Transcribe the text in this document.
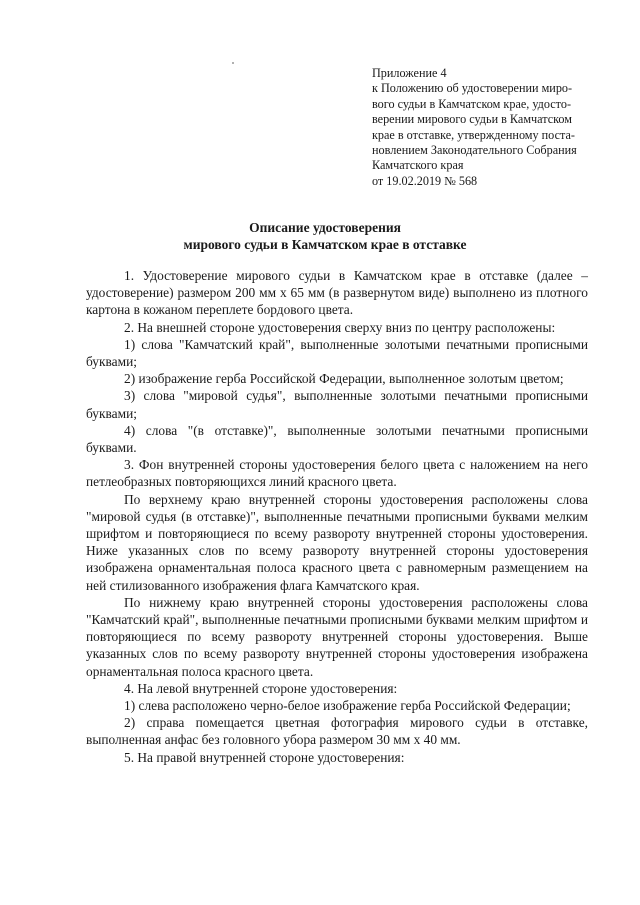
Приложение 4
к Положению об удостоверении миро-
вого судьи в Камчатском крае, удосто-
верении мирового судьи в Камчатском
крае в отставке, утвержденному поста-
новлением Законодательного Собрания
Камчатского края
от 19.02.2019 № 568
Описание удостоверения
мирового судьи в Камчатском крае в отставке

1. Удостоверение мирового судьи в Камчатском крае в отставке (далее – удостоверение) размером 200 мм x 65 мм (в развернутом виде) выполнено из плотного картона в кожаном переплете бордового цвета.

2. На внешней стороне удостоверения сверху вниз по центру расположены:

1) слова "Камчатский край", выполненные золотыми печатными прописными буквами;

2) изображение герба Российской Федерации, выполненное золотым цветом;

3) слова "мировой судья", выполненные золотыми печатными прописными буквами;

4) слова "(в отставке)", выполненные золотыми печатными прописными буквами.

3. Фон внутренней стороны удостоверения белого цвета с наложением на него петлеобразных повторяющихся линий красного цвета.

По верхнему краю внутренней стороны удостоверения расположены слова "мировой судья (в отставке)", выполненные печатными прописными буквами мелким шрифтом и повторяющиеся по всему развороту внутренней стороны удостоверения. Ниже указанных слов по всему развороту внутренней стороны удостоверения изображена орнаментальная полоса красного цвета с равномерным размещением на ней стилизованного изображения флага Камчатского края.

По нижнему краю внутренней стороны удостоверения расположены слова "Камчатский край", выполненные печатными прописными буквами мелким шрифтом и повторяющиеся по всему развороту внутренней стороны удостоверения. Выше указанных слов по всему развороту внутренней стороны удостоверения изображена орнаментальная полоса красного цвета.

4. На левой внутренней стороне удостоверения:

1) слева расположено черно-белое изображение герба Российской Федерации;

2) справа помещается цветная фотография мирового судьи в отставке, выполненная анфас без головного убора размером 30 мм x 40 мм.

5. На правой внутренней стороне удостоверения:
